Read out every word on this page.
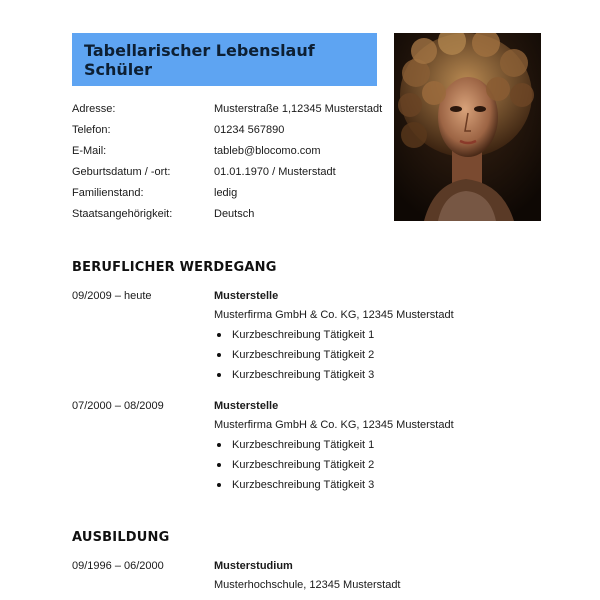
Tabellarischer Lebenslauf Schüler
Adresse:	Musterstraße 1,12345 Musterstadt
Telefon:	01234 567890
E-Mail:	tableb@blocomo.com
Geburtsdatum / -ort:	01.01.1970 / Musterstadt
Familienstand:	ledig
Staatsangehörigkeit:	Deutsch
BERUFLICHER WERDEGANG
09/2009 – heute	Musterstelle
Musterfirma GmbH & Co. KG, 12345 Musterstadt
Kurzbeschreibung Tätigkeit 1
Kurzbeschreibung Tätigkeit 2
Kurzbeschreibung Tätigkeit 3
07/2000 – 08/2009	Musterstelle
Musterfirma GmbH & Co. KG, 12345 Musterstadt
Kurzbeschreibung Tätigkeit 1
Kurzbeschreibung Tätigkeit 2
Kurzbeschreibung Tätigkeit 3
AUSBILDUNG
09/1996 – 06/2000	Musterstudium
Musterhochschule, 12345 Musterstadt
